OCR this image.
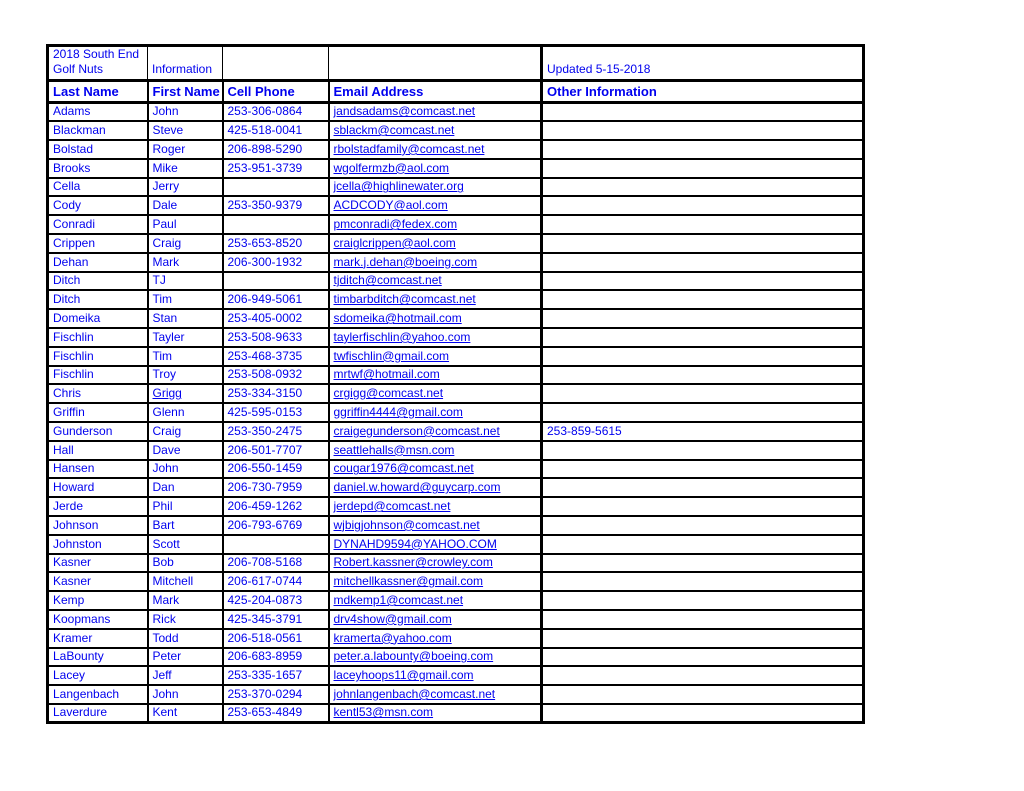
2018 South End Golf Nuts	Information			Updated 5-15-2018
Last Name	First Name	Cell Phone	Email Address	Other Information
Adams	John	253-306-0864	jandsadams@comcast.net	
Blackman	Steve	425-518-0041	sblackm@comcast.net	
Bolstad	Roger	206-898-5290	rbolstadfamily@comcast.net	
Brooks	Mike	253-951-3739	wgolfermzb@aol.com	
Cella	Jerry		jcella@highlinewater.org	
Cody	Dale	253-350-9379	ACDCODY@aol.com	
Conradi	Paul		pmconradi@fedex.com	
Crippen	Craig	253-653-8520	craiglcrippen@aol.com	
Dehan	Mark	206-300-1932	mark.j.dehan@boeing.com	
Ditch	TJ		tjditch@comcast.net	
Ditch	Tim	206-949-5061	timbarbditch@comcast.net	
Domeika	Stan	253-405-0002	sdomeika@hotmail.com	
Fischlin	Tayler	253-508-9633	taylerfischlin@yahoo.com	
Fischlin	Tim	253-468-3735	twfischlin@gmail.com	
Fischlin	Troy	253-508-0932	mrtwf@hotmail.com	
Chris	Grigg	253-334-3150	crgigg@comcast.net	
Griffin	Glenn	425-595-0153	ggriffin4444@gmail.com	
Gunderson	Craig	253-350-2475	craigegunderson@comcast.net	253-859-5615
Hall	Dave	206-501-7707	seattlehalls@msn.com	
Hansen	John	206-550-1459	cougar1976@comcast.net	
Howard	Dan	206-730-7959	daniel.w.howard@guycarp.com	
Jerde	Phil	206-459-1262	jerdepd@comcast.net	
Johnson	Bart	206-793-6769	wjbigjohnson@comcast.net	
Johnston	Scott		DYNAHD9594@YAHOO.COM	
Kasner	Bob	206-708-5168	Robert.kassner@crowley.com	
Kasner	Mitchell	206-617-0744	mitchellkassner@gmail.com	
Kemp	Mark	425-204-0873	mdkemp1@comcast.net	
Koopmans	Rick	425-345-3791	drv4show@gmail.com	
Kramer	Todd	206-518-0561	kramerta@yahoo.com	
LaBounty	Peter	206-683-8959	peter.a.labounty@boeing.com	
Lacey	Jeff	253-335-1657	laceyhoops11@gmail.com	
Langenbach	John	253-370-0294	johnlangenbach@comcast.net	
Laverdure	Kent	253-653-4849	kentl53@msn.com	
